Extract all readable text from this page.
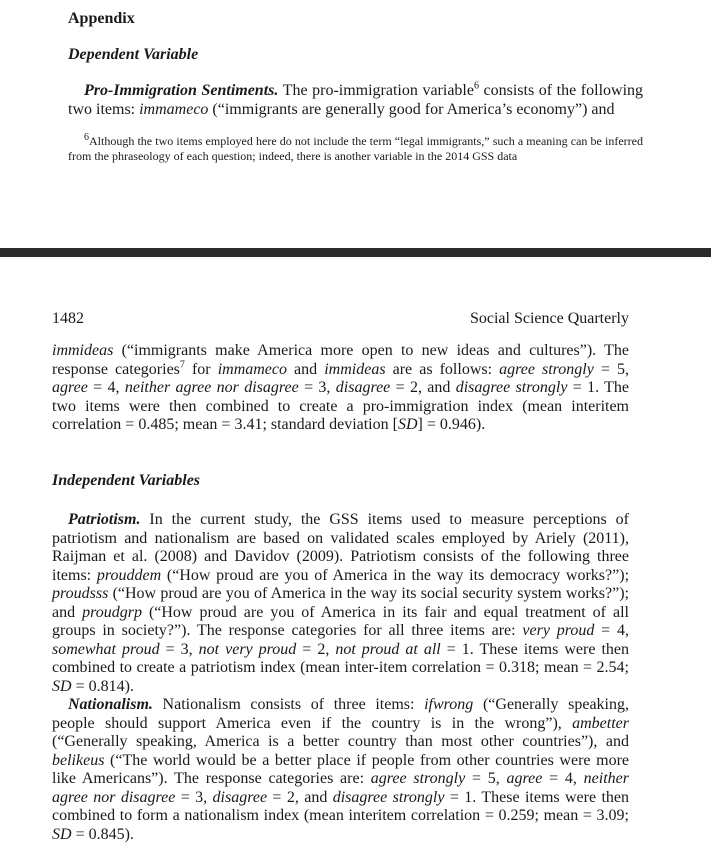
Appendix
Dependent Variable

Pro-Immigration Sentiments. The pro-immigration variable$^6$ consists of the following two items: immameco (“immigrants are generally good for America’s economy”) and

$^6$Although the two items employed here do not include the term “legal immigrants,” such a meaning can be inferred from the phraseology of each question; indeed, there is another variable in the 2014 GSS data

1482	Social Science Quarterly

immideas (“immigrants make America more open to new ideas and cultures”). The response categories$^7$ for immameco and immideas are as follows: agree strongly = 5, agree = 4, neither agree nor disagree = 3, disagree = 2, and disagree strongly = 1. The two items were then combined to create a pro-immigration index (mean interitem correlation = 0.485; mean = 3.41; standard deviation [SD] = 0.946).

Independent Variables

Patriotism. In the current study, the GSS items used to measure perceptions of patriotism and nationalism are based on validated scales employed by Ariely (2011), Raijman et al. (2008) and Davidov (2009). Patriotism consists of the following three items: prouddem (“How proud are you of America in the way its democracy works?”); proudsss (“How proud are you of America in the way its social security system works?”); and proudgrp (“How proud are you of America in its fair and equal treatment of all groups in society?”). The response categories for all three items are: very proud = 4, somewhat proud = 3, not very proud = 2, not proud at all = 1. These items were then combined to create a patriotism index (mean inter-item correlation = 0.318; mean = 2.54; SD = 0.814).

Nationalism. Nationalism consists of three items: ifwrong (“Generally speaking, people should support America even if the country is in the wrong”), ambetter (“Generally speaking, America is a better country than most other countries”), and belikeus (“The world would be a better place if people from other countries were more like Americans”). The response categories are: agree strongly = 5, agree = 4, neither agree nor disagree = 3, disagree = 2, and disagree strongly = 1. These items were then combined to form a nationalism index (mean interitem correlation = 0.259; mean = 3.09; SD = 0.845).
